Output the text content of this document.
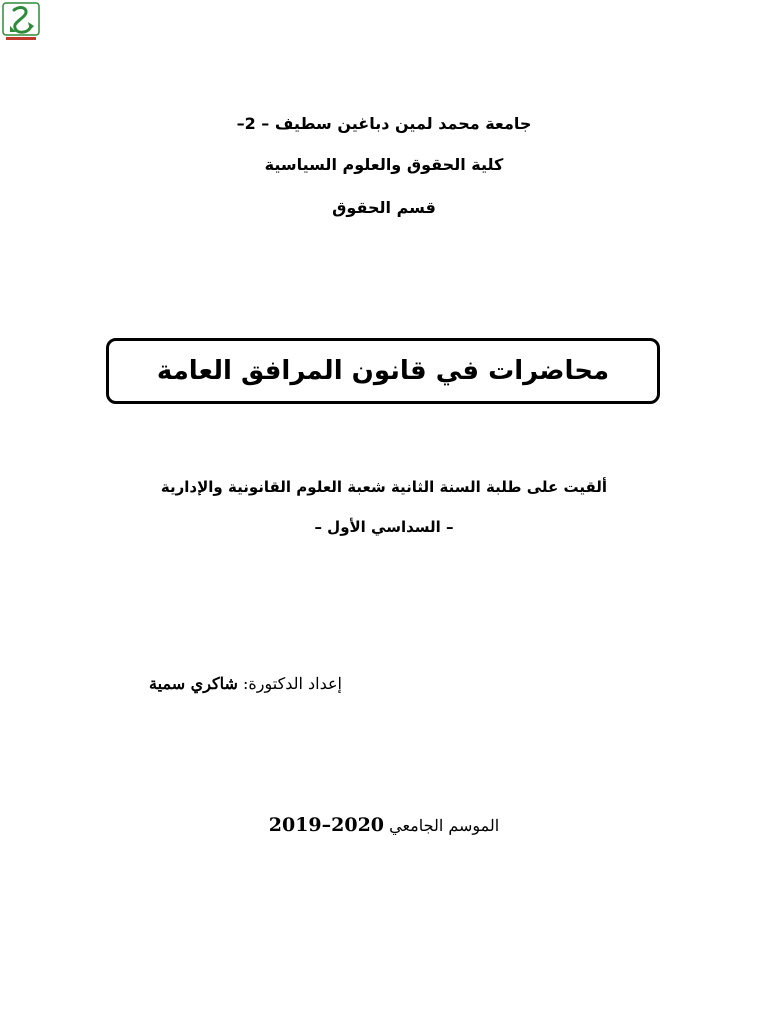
جامعة محمد لمين دباغين سطيف – 2–
كلية الحقوق والعلوم السياسية
قسم الحقوق
محاضرات في قانون المرافق العامة
ألقيت على طلبة السنة الثانية شعبة العلوم القانونية والإدارية
– السداسي الأول –
إعداد الدكتورة: شاكري سمية
الموسم الجامعي 2019–2020
